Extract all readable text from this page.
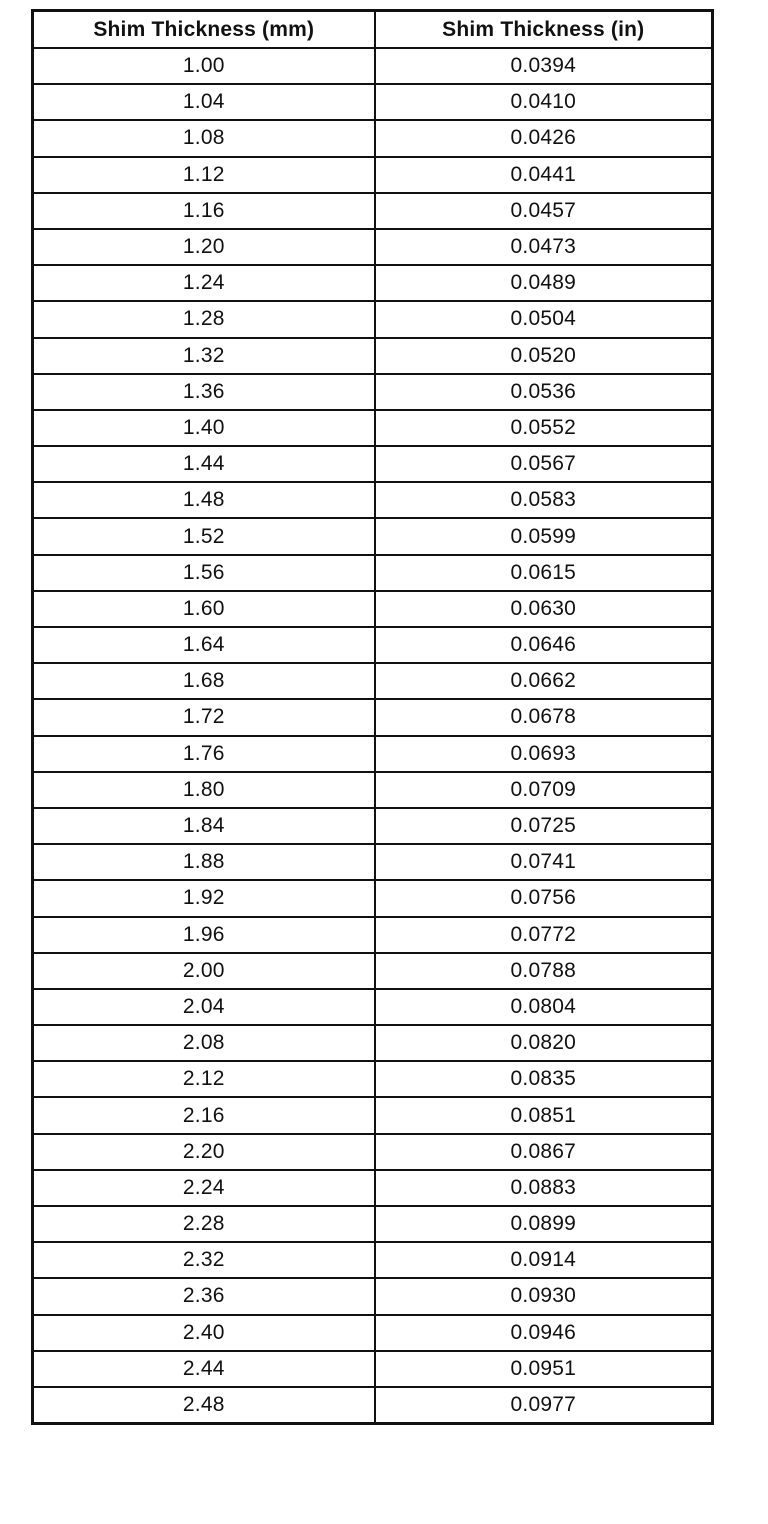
Shim Thickness (mm)	Shim Thickness (in)
1.00	0.0394
1.04	0.0410
1.08	0.0426
1.12	0.0441
1.16	0.0457
1.20	0.0473
1.24	0.0489
1.28	0.0504
1.32	0.0520
1.36	0.0536
1.40	0.0552
1.44	0.0567
1.48	0.0583
1.52	0.0599
1.56	0.0615
1.60	0.0630
1.64	0.0646
1.68	0.0662
1.72	0.0678
1.76	0.0693
1.80	0.0709
1.84	0.0725
1.88	0.0741
1.92	0.0756
1.96	0.0772
2.00	0.0788
2.04	0.0804
2.08	0.0820
2.12	0.0835
2.16	0.0851
2.20	0.0867
2.24	0.0883
2.28	0.0899
2.32	0.0914
2.36	0.0930
2.40	0.0946
2.44	0.0951
2.48	0.0977
